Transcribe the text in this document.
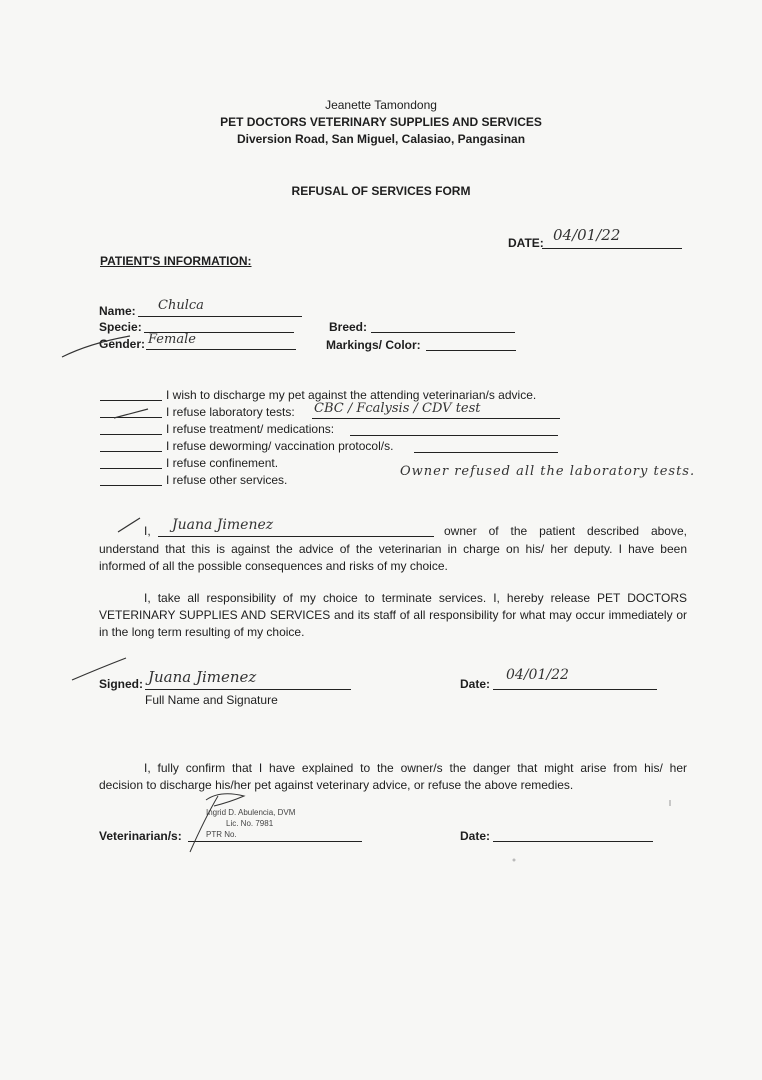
Jeanette Tamondong
PET DOCTORS VETERINARY SUPPLIES AND SERVICES
Diversion Road, San Miguel, Calasiao, Pangasinan
REFUSAL OF SERVICES FORM
DATE: 04/01/22
PATIENT'S INFORMATION:
Name: Chulca
Specie:	Breed:
Gender: Female	Markings/ Color:
I wish to discharge my pet against the attending veterinarian/s advice.
I refuse laboratory tests: CBC / Fcalysis / CDV test
I refuse treatment/ medications:
I refuse deworming/ vaccination protocol/s.
I refuse confinement.
I refuse other services.
Owner refused all the laboratory tests.
I, Juana Jimenez	owner of the patient described above,
understand that this is against the advice of the veterinarian in charge on his/ her deputy. I have been
informed of all the possible consequences and risks of my choice.
I, take all responsibility of my choice to terminate services. I, hereby release PET DOCTORS
VETERINARY SUPPLIES AND SERVICES and its staff of all responsibility for what may occur immediately or
in the long term resulting of my choice.
Signed: Juana Jimenez
Full Name and Signature
Date:
04/01/22
I, fully confirm that I have explained to the owner/s the danger that might arise from his/ her
decision to discharge his/her pet against veterinary advice, or refuse the above remedies.
Ingrid D. Abulencia, DVM
Lic. No. 7981
PTR No.
Veterinarian/s:	Date:
